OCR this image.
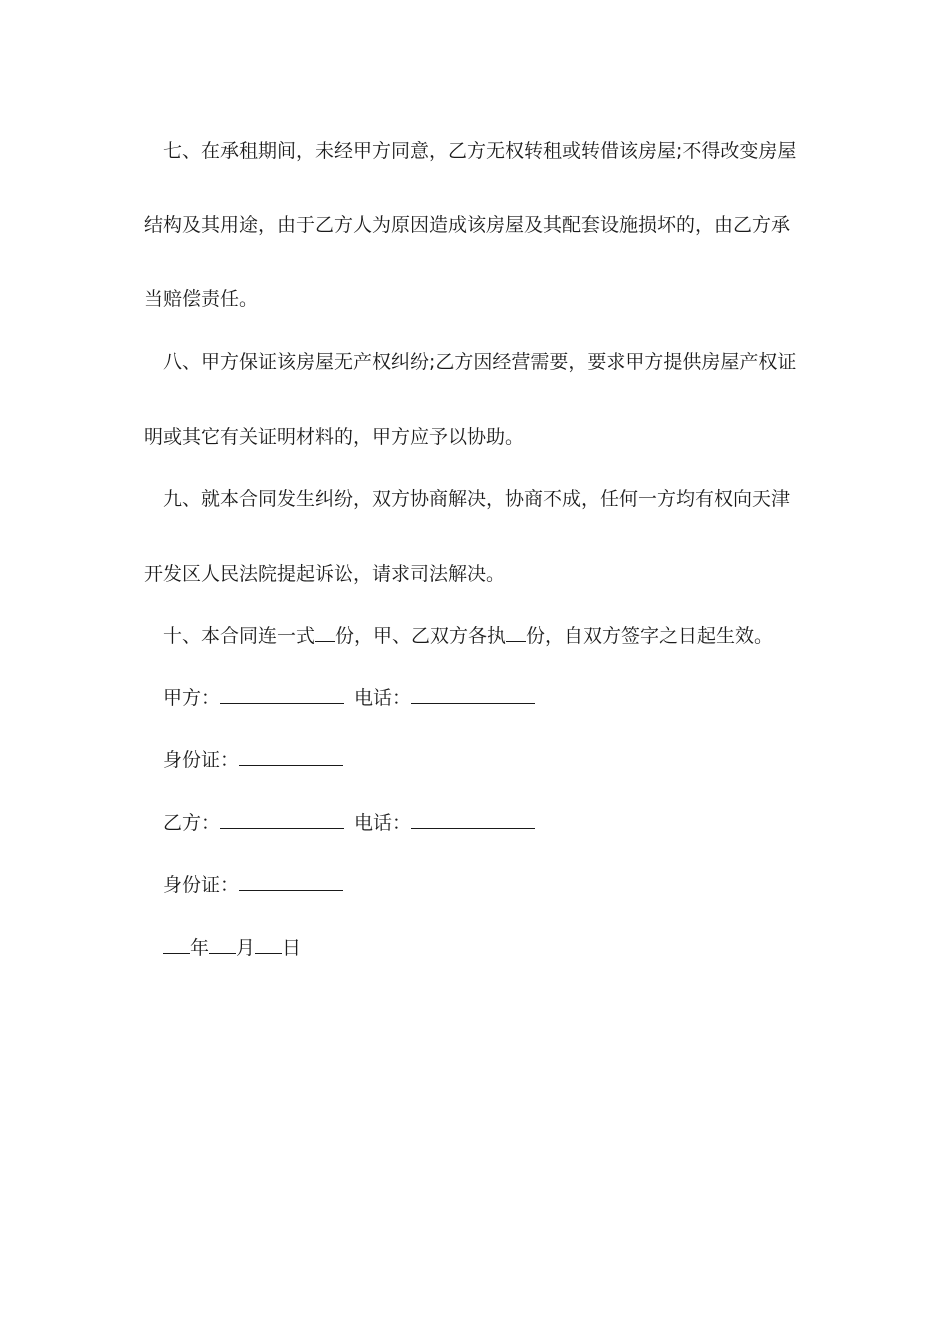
七、在承租期间，未经甲方同意，乙方无权转租或转借该房屋;不得改变房屋
结构及其用途，由于乙方人为原因造成该房屋及其配套设施损坏的，由乙方承
当赔偿责任。
八、甲方保证该房屋无产权纠纷;乙方因经营需要，要求甲方提供房屋产权证
明或其它有关证明材料的，甲方应予以协助。
九、就本合同发生纠纷，双方协商解决，协商不成，任何一方均有权向天津
开发区人民法院提起诉讼，请求司法解决。
十、本合同连一式 份，甲、乙双方各执 份，自双方签字之日起生效。
甲方：	电话：
身份证：
乙方：	电话：
身份证：
年 月 日
